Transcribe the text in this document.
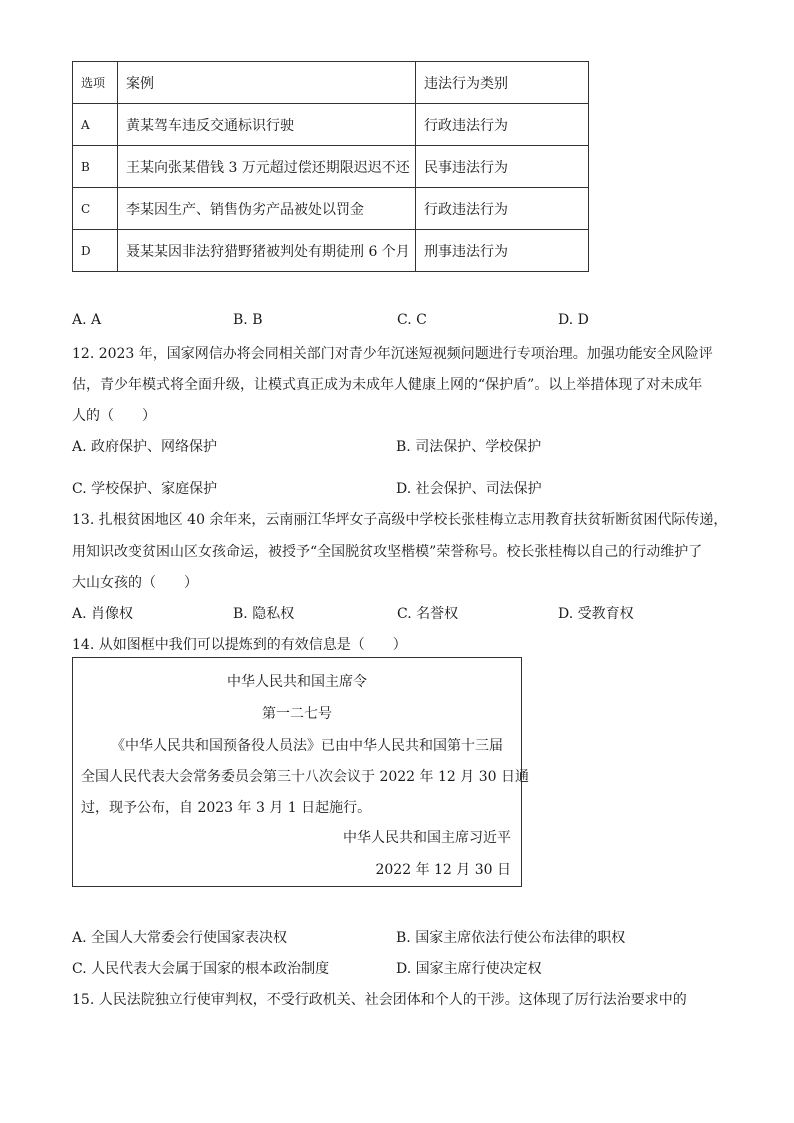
选项	案例	违法行为类别
A	黄某驾车违反交通标识行驶	行政违法行为
B	王某向张某借钱 3 万元超过偿还期限迟迟不还	民事违法行为
C	李某因生产、销售伪劣产品被处以罚金	行政违法行为
D	聂某某因非法狩猎野猪被判处有期徒刑 6 个月	刑事违法行为
A. A	B. B	C. C	D. D
12. 2023 年，国家网信办将会同相关部门对青少年沉迷短视频问题进行专项治理。加强功能安全风险评
估，青少年模式将全面升级，让模式真正成为未成年人健康上网的“保护盾”。以上举措体现了对未成年
人的（　　）
A. 政府保护、网络保护	B. 司法保护、学校保护
C. 学校保护、家庭保护	D. 社会保护、司法保护
13. 扎根贫困地区 40 余年来，云南丽江华坪女子高级中学校长张桂梅立志用教育扶贫斩断贫困代际传递，
用知识改变贫困山区女孩命运，被授予“全国脱贫攻坚楷模”荣誉称号。校长张桂梅以自己的行动维护了
大山女孩的（　　）
A. 肖像权	B. 隐私权	C. 名誉权	D. 受教育权
14. 从如图框中我们可以提炼到的有效信息是（　　）
中华人民共和国主席令
第一二七号
《中华人民共和国预备役人员法》已由中华人民共和国第十三届
全国人民代表大会常务委员会第三十八次会议于 2022 年 12 月 30 日通
过，现予公布，自 2023 年 3 月 1 日起施行。
中华人民共和国主席习近平
2022 年 12 月 30 日
A. 全国人大常委会行使国家表决权	B. 国家主席依法行使公布法律的职权
C. 人民代表大会属于国家的根本政治制度	D. 国家主席行使决定权
15. 人民法院独立行使审判权，不受行政机关、社会团体和个人的干涉。这体现了厉行法治要求中的
